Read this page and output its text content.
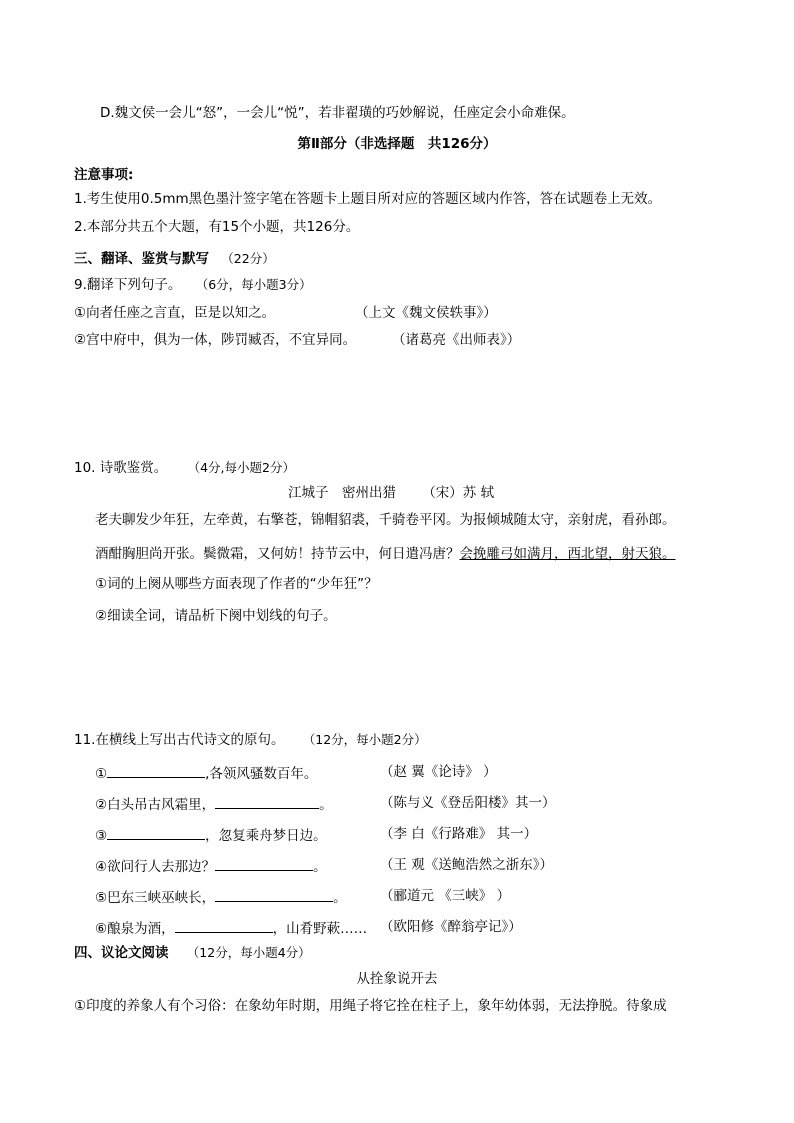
D.魏文侯一会儿“怒”，一会儿“悦”，若非翟璜的巧妙解说，任座定会小命难保。
第Ⅱ部分（非选择题　共126分）
注意事项:
1.考生使用0.5mm黑色墨汁签字笔在答题卡上题目所对应的答题区域内作答，答在试题卷上无效。
2.本部分共五个大题，有15个小题，共126分。
三、翻译、鉴赏与默写 （22分）
9.翻译下列句子。 （6分，每小题3分）
①向者任座之言直，臣是以知之。	（上文《魏文侯轶事》）
②宫中府中，俱为一体，陟罚臧否，不宜异同。	（诸葛亮《出师表》）
10. 诗歌鉴赏。 （4分,每小题2分）
江城子　密州出猎 （宋）苏 轼
老夫聊发少年狂，左牵黄，右擎苍，锦帽貂裘，千骑卷平冈。为报倾城随太守，亲射虎，看孙郎。
酒酣胸胆尚开张。鬓微霜，又何妨！持节云中，何日遣冯唐？会挽雕弓如满月，西北望，射天狼。
①词的上阕从哪些方面表现了作者的“少年狂”？
②细读全词，请品析下阕中划线的句子。
11.在横线上写出古代诗文的原句。 （12分，每小题2分）
①	,各领风骚数百年。	（赵 翼《论诗》 ）
②白头吊古风霜里，	。	（陈与义《登岳阳楼》其一）
③	，忽复乘舟梦日边。	（李 白《行路难》 其一）
④欲问行人去那边？	。	（王 观《送鲍浩然之浙东》）
⑤巴东三峡巫峡长，	。 （郦道元 《三峡》 ）
⑥酿泉为酒，	，山肴野蔌…… （欧阳修《醉翁亭记》）
四、议论文阅读 （12分，每小题4分）
从拴象说开去
①印度的养象人有个习俗：在象幼年时期，用绳子将它拴在柱子上，象年幼体弱，无法挣脱。待象成
